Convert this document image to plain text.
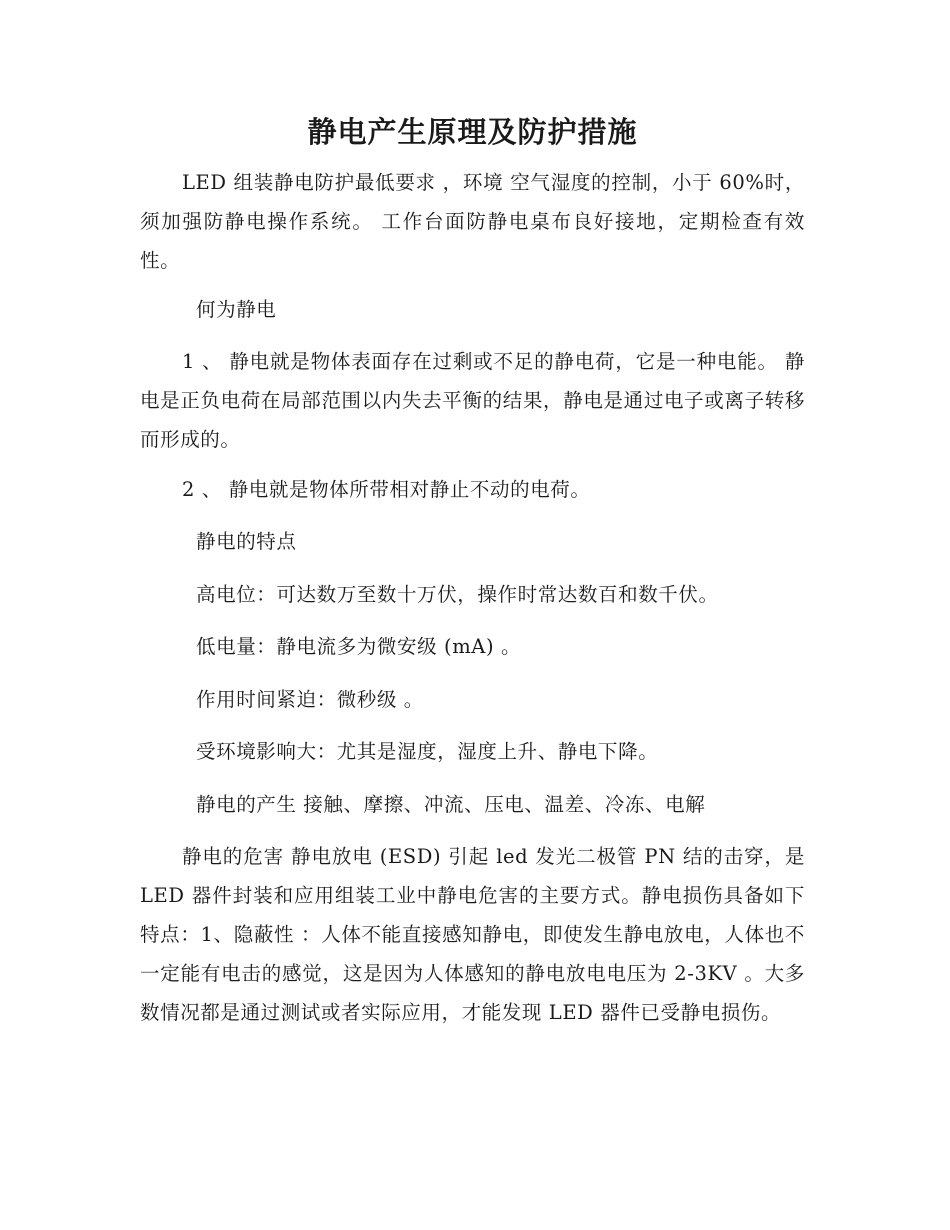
静电产生原理及防护措施
LED 组装静电防护最低要求 ，环境 空气湿度的控制，小于 60%时，须加强防静电操作系统。 工作台面防静电桌布良好接地，定期检查有效性。
何为静电
1 、 静电就是物体表面存在过剩或不足的静电荷，它是一种电能。 静电是正负电荷在局部范围以内失去平衡的结果，静电是通过电子或离子转移而形成的。
2 、 静电就是物体所带相对静止不动的电荷。
静电的特点
高电位：可达数万至数十万伏，操作时常达数百和数千伏。
低电量：静电流多为微安级 (mA) 。
作用时间紧迫：微秒级 。
受环境影响大：尤其是湿度，湿度上升、静电下降。
静电的产生 接触、摩擦、冲流、压电、温差、冷冻、电解
静电的危害 静电放电 (ESD) 引起 led 发光二极管 PN 结的击穿，是 LED 器件封装和应用组装工业中静电危害的主要方式。静电损伤具备如下特点：1、隐蔽性 ：人体不能直接感知静电，即使发生静电放电，人体也不一定能有电击的感觉，这是因为人体感知的静电放电电压为 2-3KV 。大多数情况都是通过测试或者实际应用，才能发现 LED 器件已受静电损伤。
